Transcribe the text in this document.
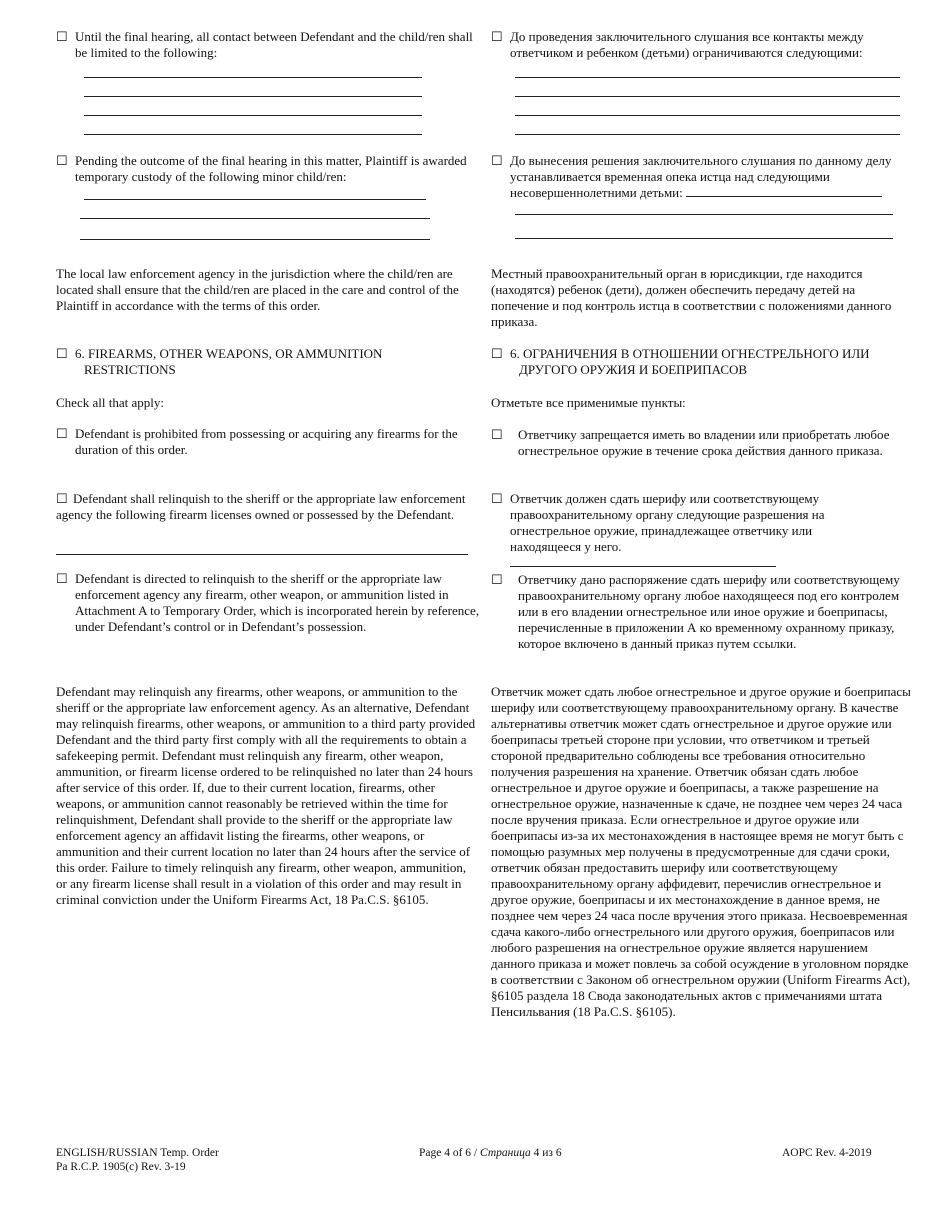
☐ Until the final hearing, all contact between Defendant and the child/ren shall be limited to the following:

☐ Pending the outcome of the final hearing in this matter, Plaintiff is awarded temporary custody of the following minor child/ren:

The local law enforcement agency in the jurisdiction where the child/ren are located shall ensure that the child/ren are placed in the care and control of the Plaintiff in accordance with the terms of this order.

☐ 6. FIREARMS, OTHER WEAPONS, OR AMMUNITION

RESTRICTIONS

Check all that apply:

☐ Defendant is prohibited from possessing or acquiring any firearms for the duration of this order.

Defendant shall relinquish to the sheriff or the appropriate law enforcement agency the following firearm licenses owned or possessed by the Defendant.

☐
☐ Defendant is directed to relinquish to the sheriff or the appropriate law enforcement agency any firearm, other weapon, or ammunition listed in Attachment A to Temporary Order, which is incorporated herein by reference, under Defendant’s control or in Defendant’s possession.

Defendant may relinquish any firearms, other weapons, or ammunition to the sheriff or the appropriate law enforcement agency. As an alternative, Defendant may relinquish firearms, other weapons, or ammunition to a third party provided Defendant and the third party first comply with all the requirements to obtain a safekeeping permit. Defendant must relinquish any firearm, other weapon, ammunition, or firearm license ordered to be relinquished no later than 24 hours after service of this order. If, due to their current location, firearms, other weapons, or ammunition cannot reasonably be retrieved within the time for relinquishment, Defendant shall provide to the sheriff or the appropriate law enforcement agency an affidavit listing the firearms, other weapons, or ammunition and their current location no later than 24 hours after the service of this order. Failure to timely relinquish any firearm, other weapon, ammunition, or any firearm license shall result in a violation of this order and may result in criminal conviction under the Uniform Firearms Act, 18 Pa.C.S. §6105.

☐ До проведения заключительного слушания все контакты между ответчиком и ребенком (детьми) ограничиваются следующими:

☐ До вынесения решения заключительного слушания по данному делу устанавливается временная опека истца над следующими несовершеннолетними детьми:

Местный правоохранительный орган в юрисдикции, где находится (находятся) ребенок (дети), должен обеспечить передачу детей на попечение и под контроль истца в соответствии с положениями данного приказа.

☐ 6. ОГРАНИЧЕНИЯ В ОТНОШЕНИИ ОГНЕСТРЕЛЬНОГО ИЛИ

ДРУГОГО ОРУЖИЯ И БОЕПРИПАСОВ

Отметьте все применимые пункты:

☐	Ответчику запрещается иметь во владении или приобретать любое огнестрельное оружие в течение срока действия данного приказа.

☐ Ответчик должен сдать шерифу или соответствующему правоохранительному органу следующие разрешения на огнестрельное оружие, принадлежащее ответчику или находящееся у него.

☐	Ответчику дано распоряжение сдать шерифу или соответствующему правоохранительному органу любое находящееся под его контролем или в его владении огнестрельное или иное оружие и боеприпасы, перечисленные в приложении А ко временному охранному приказу, которое включено в данный приказ путем ссылки.

Ответчик может сдать любое огнестрельное и другое оружие и боеприпасы шерифу или соответствующему правоохранительному органу. В качестве альтернативы ответчик может сдать огнестрельное и другое оружие или боеприпасы третьей стороне при условии, что ответчиком и третьей стороной предварительно соблюдены все требования относительно получения разрешения на хранение. Ответчик обязан сдать любое огнестрельное и другое оружие и боеприпасы, а также разрешение на огнестрельное оружие, назначенные к сдаче, не позднее чем через 24 часа после вручения приказа. Если огнестрельное и другое оружие или боеприпасы из-за их местонахождения в настоящее время не могут быть с помощью разумных мер получены в предусмотренные для сдачи сроки, ответчик обязан предоставить шерифу или соответствующему правоохранительному органу аффидевит, перечислив огнестрельное и другое оружие, боеприпасы и их местонахождение в данное время, не позднее чем через 24 часа после вручения этого приказа. Несвоевременная сдача какого-либо огнестрельного или другого оружия, боеприпасов или любого разрешения на огнестрельное оружие является нарушением данного приказа и может повлечь за собой осуждение в уголовном порядке в соответствии с Законом об огнестрельном оружии (Uniform Firearms Act), §6105 раздела 18 Свода законодательных актов с примечаниями штата Пенсильвания (18 Pa.C.S. §6105).

ENGLISH/RUSSIAN Temp. Order
Pa R.C.P. 1905(c) Rev. 3-19
Page 4 of 6 / Страница 4 из 6	AOPC Rev. 4-2019
